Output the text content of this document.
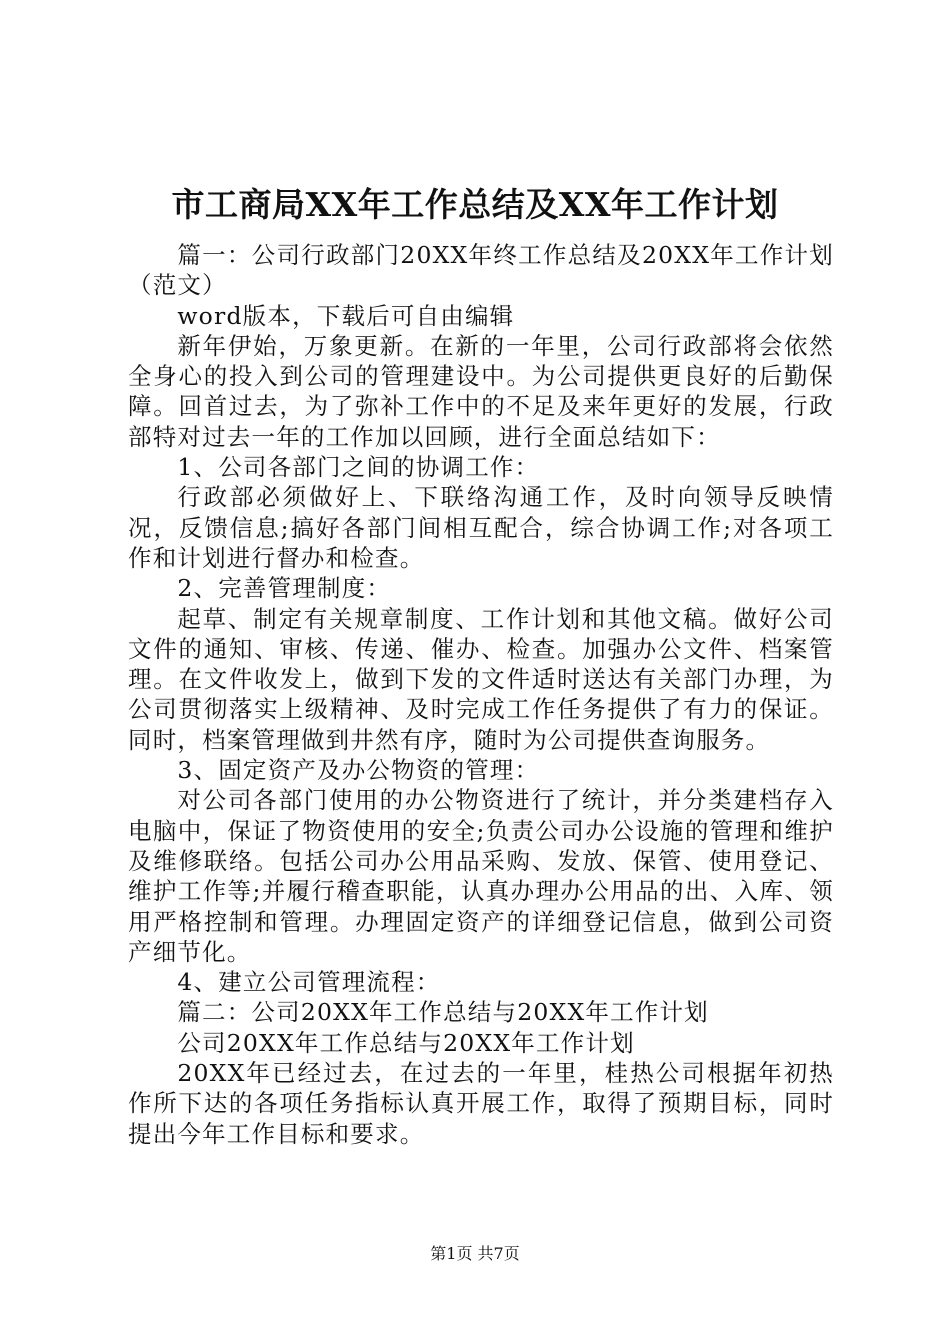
市工商局XX年工作总结及XX年工作计划

篇一：公司行政部门20XX年终工作总结及20XX年工作计划（范文）

word版本，下载后可自由编辑

新年伊始，万象更新。在新的一年里，公司行政部将会依然全身心的投入到公司的管理建设中。为公司提供更良好的后勤保障。回首过去，为了弥补工作中的不足及来年更好的发展，行政部特对过去一年的工作加以回顾，进行全面总结如下：

1、公司各部门之间的协调工作：

行政部必须做好上、下联络沟通工作，及时向领导反映情况，反馈信息;搞好各部门间相互配合，综合协调工作;对各项工作和计划进行督办和检查。

2、完善管理制度：

起草、制定有关规章制度、工作计划和其他文稿。做好公司文件的通知、审核、传递、催办、检查。加强办公文件、档案管理。在文件收发上，做到下发的文件适时送达有关部门办理，为公司贯彻落实上级精神、及时完成工作任务提供了有力的保证。同时，档案管理做到井然有序，随时为公司提供查询服务。

3、固定资产及办公物资的管理：

对公司各部门使用的办公物资进行了统计，并分类建档存入电脑中，保证了物资使用的安全;负责公司办公设施的管理和维护及维修联络。包括公司办公用品采购、发放、保管、使用登记、维护工作等;并履行稽查职能，认真办理办公用品的出、入库、领用严格控制和管理。办理固定资产的详细登记信息，做到公司资产细节化。

4、建立公司管理流程：

篇二：公司20XX年工作总结与20XX年工作计划

公司20XX年工作总结与20XX年工作计划

20XX年已经过去，在过去的一年里，桂热公司根据年初热作所下达的各项任务指标认真开展工作，取得了预期目标，同时提出今年工作目标和要求。

第1页 共7页
